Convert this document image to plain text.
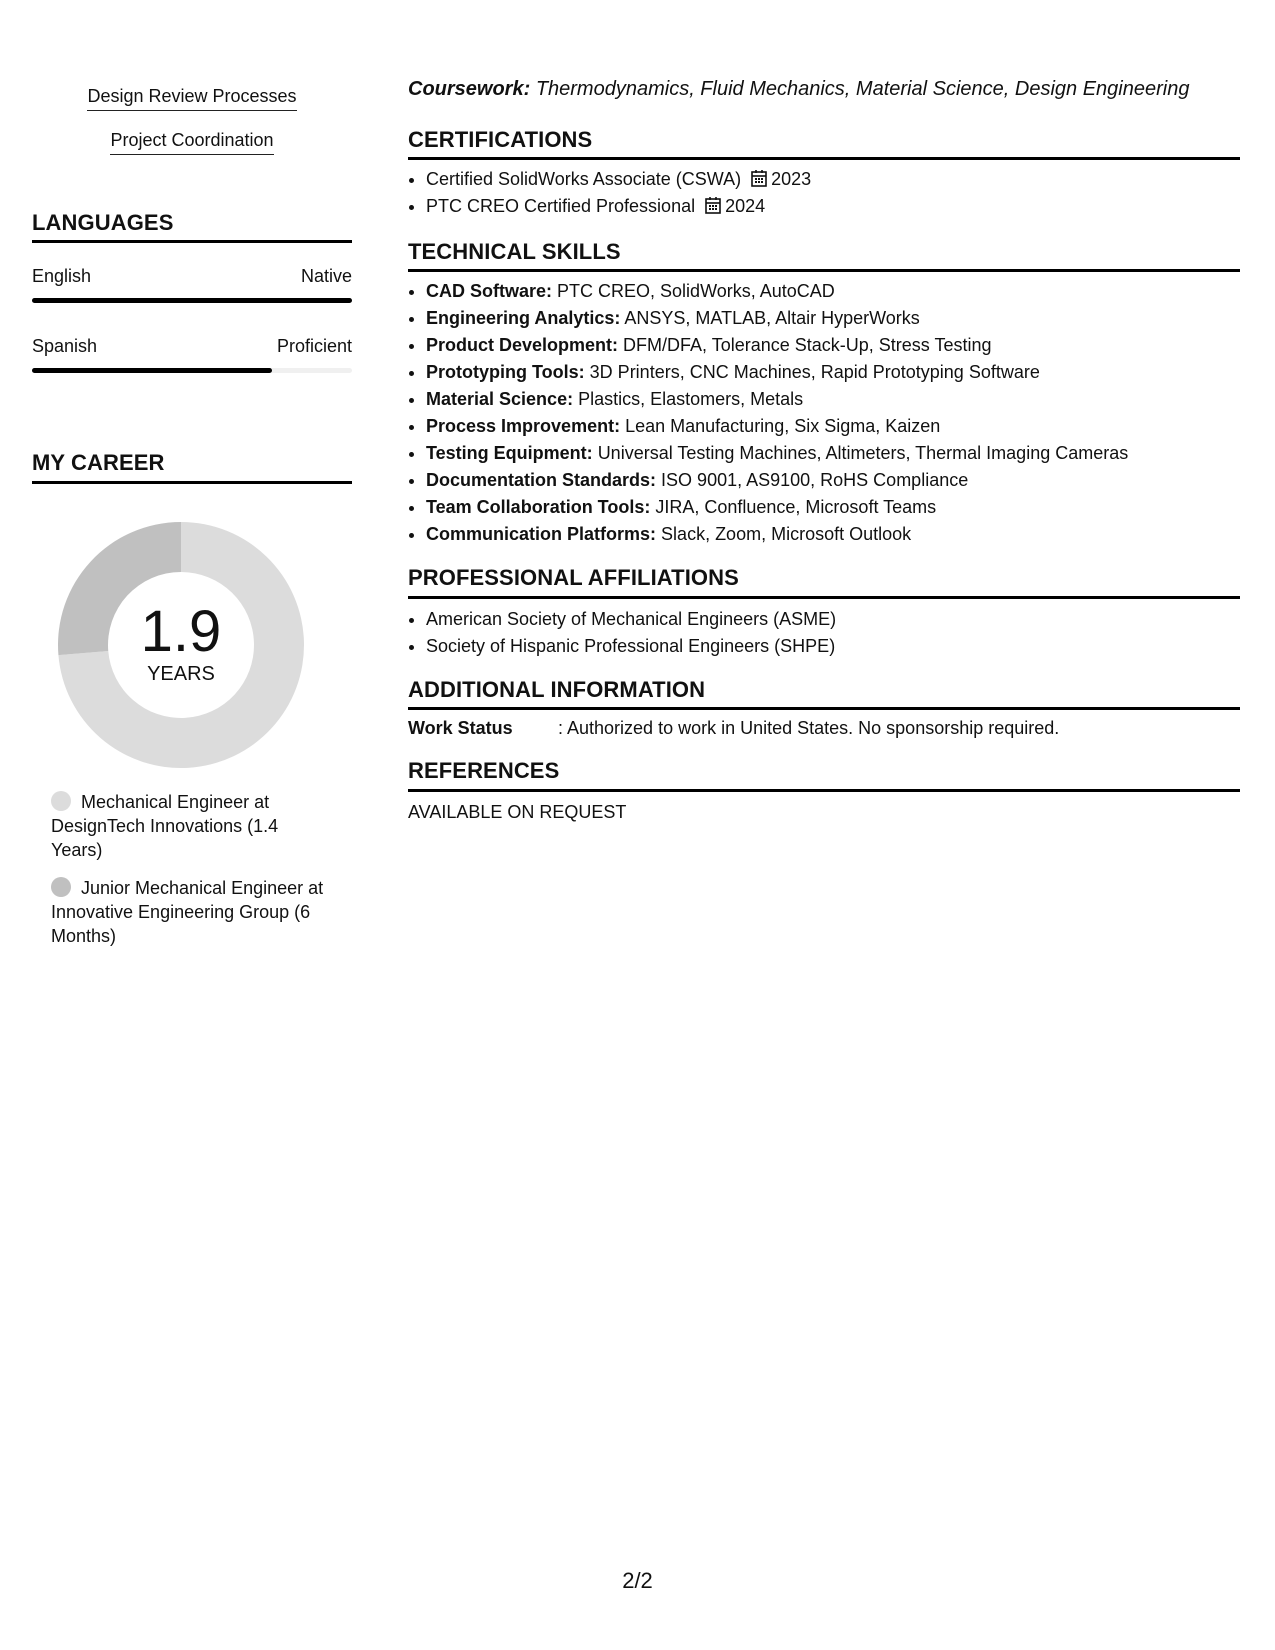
Design Review Processes
Project Coordination
LANGUAGES
English	Native
Spanish	Proficient
MY CAREER
1.9
YEARS
Mechanical Engineer at DesignTech Innovations (1.4 Years)
Junior Mechanical Engineer at Innovative Engineering Group (6 Months)
Coursework: Thermodynamics, Fluid Mechanics, Material Science, Design Engineering
CERTIFICATIONS
• Certified SolidWorks Associate (CSWA) 2023
• PTC CREO Certified Professional 2024
TECHNICAL SKILLS
• CAD Software: PTC CREO, SolidWorks, AutoCAD
• Engineering Analytics: ANSYS, MATLAB, Altair HyperWorks
• Product Development: DFM/DFA, Tolerance Stack-Up, Stress Testing
• Prototyping Tools: 3D Printers, CNC Machines, Rapid Prototyping Software
• Material Science: Plastics, Elastomers, Metals
• Process Improvement: Lean Manufacturing, Six Sigma, Kaizen
• Testing Equipment: Universal Testing Machines, Altimeters, Thermal Imaging Cameras
• Documentation Standards: ISO 9001, AS9100, RoHS Compliance
• Team Collaboration Tools: JIRA, Confluence, Microsoft Teams
• Communication Platforms: Slack, Zoom, Microsoft Outlook
PROFESSIONAL AFFILIATIONS
• American Society of Mechanical Engineers (ASME)
• Society of Hispanic Professional Engineers (SHPE)
ADDITIONAL INFORMATION
Work Status	: Authorized to work in United States. No sponsorship required.
REFERENCES
AVAILABLE ON REQUEST
2/2
